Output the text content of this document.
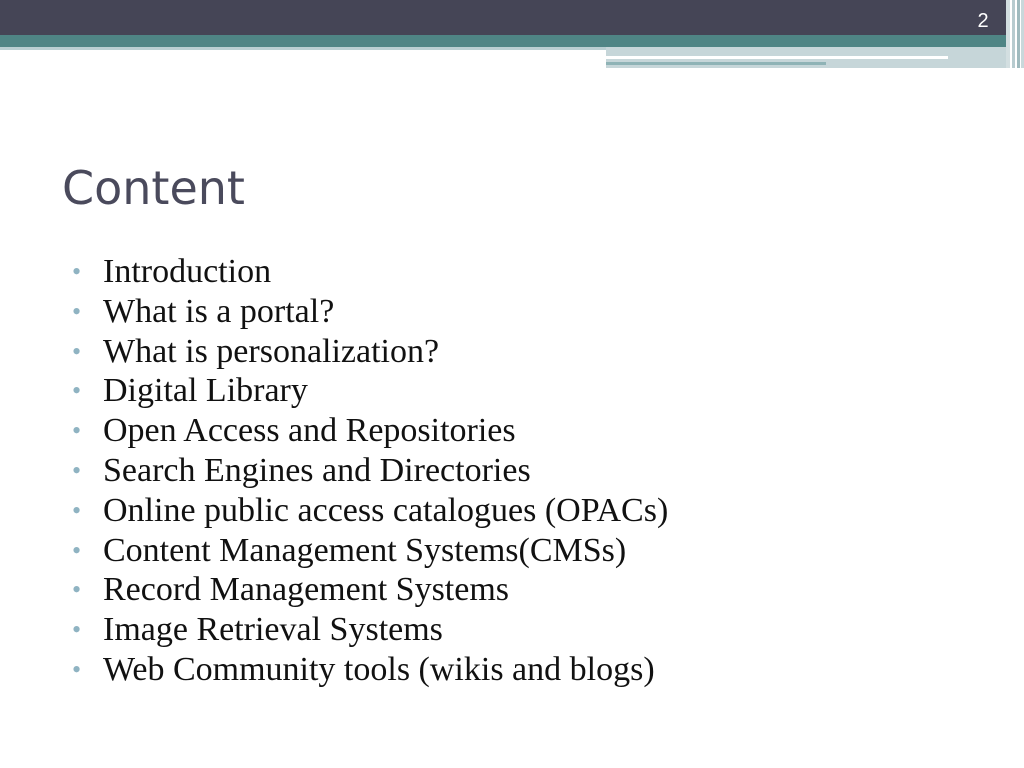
2
Content
• Introduction
• What is a portal?
• What is personalization?
• Digital Library
• Open Access and Repositories
• Search Engines and Directories
• Online public access catalogues (OPACs)
• Content Management Systems(CMSs)
• Record Management Systems
• Image Retrieval Systems
• Web Community tools (wikis and blogs)
